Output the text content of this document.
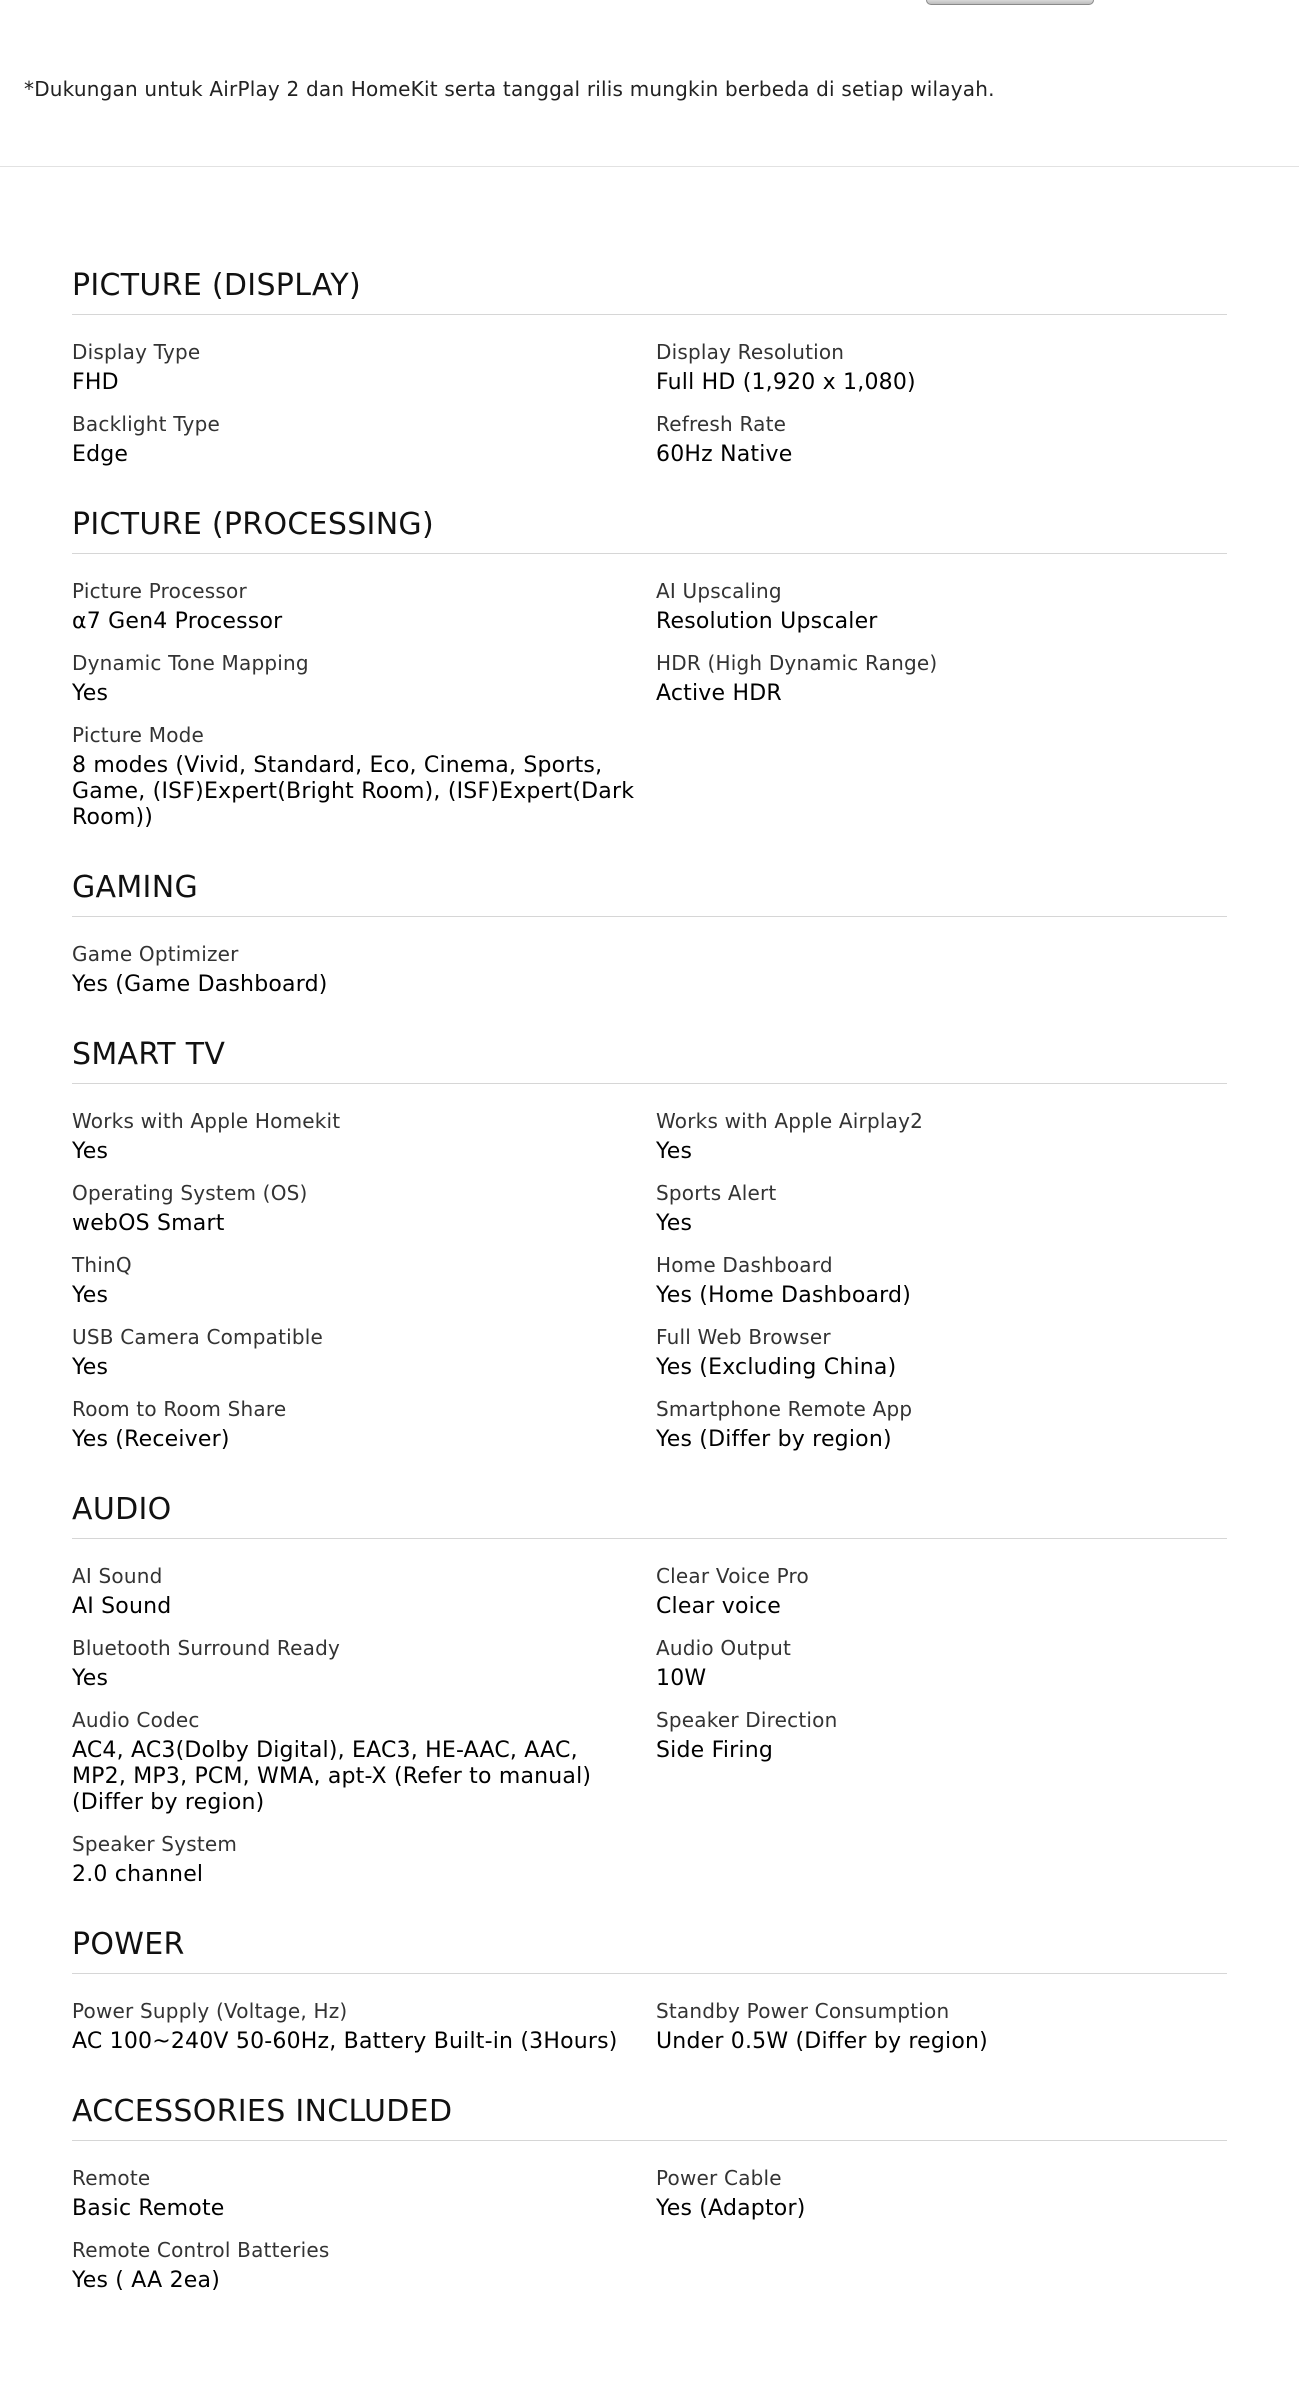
*Dukungan untuk AirPlay 2 dan HomeKit serta tanggal rilis mungkin berbeda di setiap wilayah.

PICTURE (DISPLAY)
Display Type
FHD
Display Resolution
Full HD (1,920 x 1,080)
Backlight Type
Edge
Refresh Rate
60Hz Native
PICTURE (PROCESSING)
Picture Processor
α7 Gen4 Processor
AI Upscaling
Resolution Upscaler
Dynamic Tone Mapping
Yes
HDR (High Dynamic Range)
Active HDR
Picture Mode
8 modes (Vivid, Standard, Eco, Cinema, Sports, Game, (ISF)Expert(Bright Room), (ISF)Expert(Dark Room))
GAMING
Game Optimizer
Yes (Game Dashboard)
SMART TV
Works with Apple Homekit
Yes
Works with Apple Airplay2
Yes
Operating System (OS)
webOS Smart
Sports Alert
Yes
ThinQ
Yes
Home Dashboard
Yes (Home Dashboard)
USB Camera Compatible
Yes
Full Web Browser
Yes (Excluding China)
Room to Room Share
Yes (Receiver)
Smartphone Remote App
Yes (Differ by region)
AUDIO
AI Sound
AI Sound
Clear Voice Pro
Clear voice
Bluetooth Surround Ready
Yes
Audio Output
10W
Audio Codec
AC4, AC3(Dolby Digital), EAC3, HE-AAC, AAC, MP2, MP3, PCM, WMA, apt-X (Refer to manual) (Differ by region)
Speaker Direction
Side Firing
Speaker System
2.0 channel
POWER
Power Supply (Voltage, Hz)
AC 100~240V 50-60Hz, Battery Built-in (3Hours)
Standby Power Consumption
Under 0.5W (Differ by region)
ACCESSORIES INCLUDED
Remote
Basic Remote
Power Cable
Yes (Adaptor)
Remote Control Batteries
Yes ( AA 2ea)
